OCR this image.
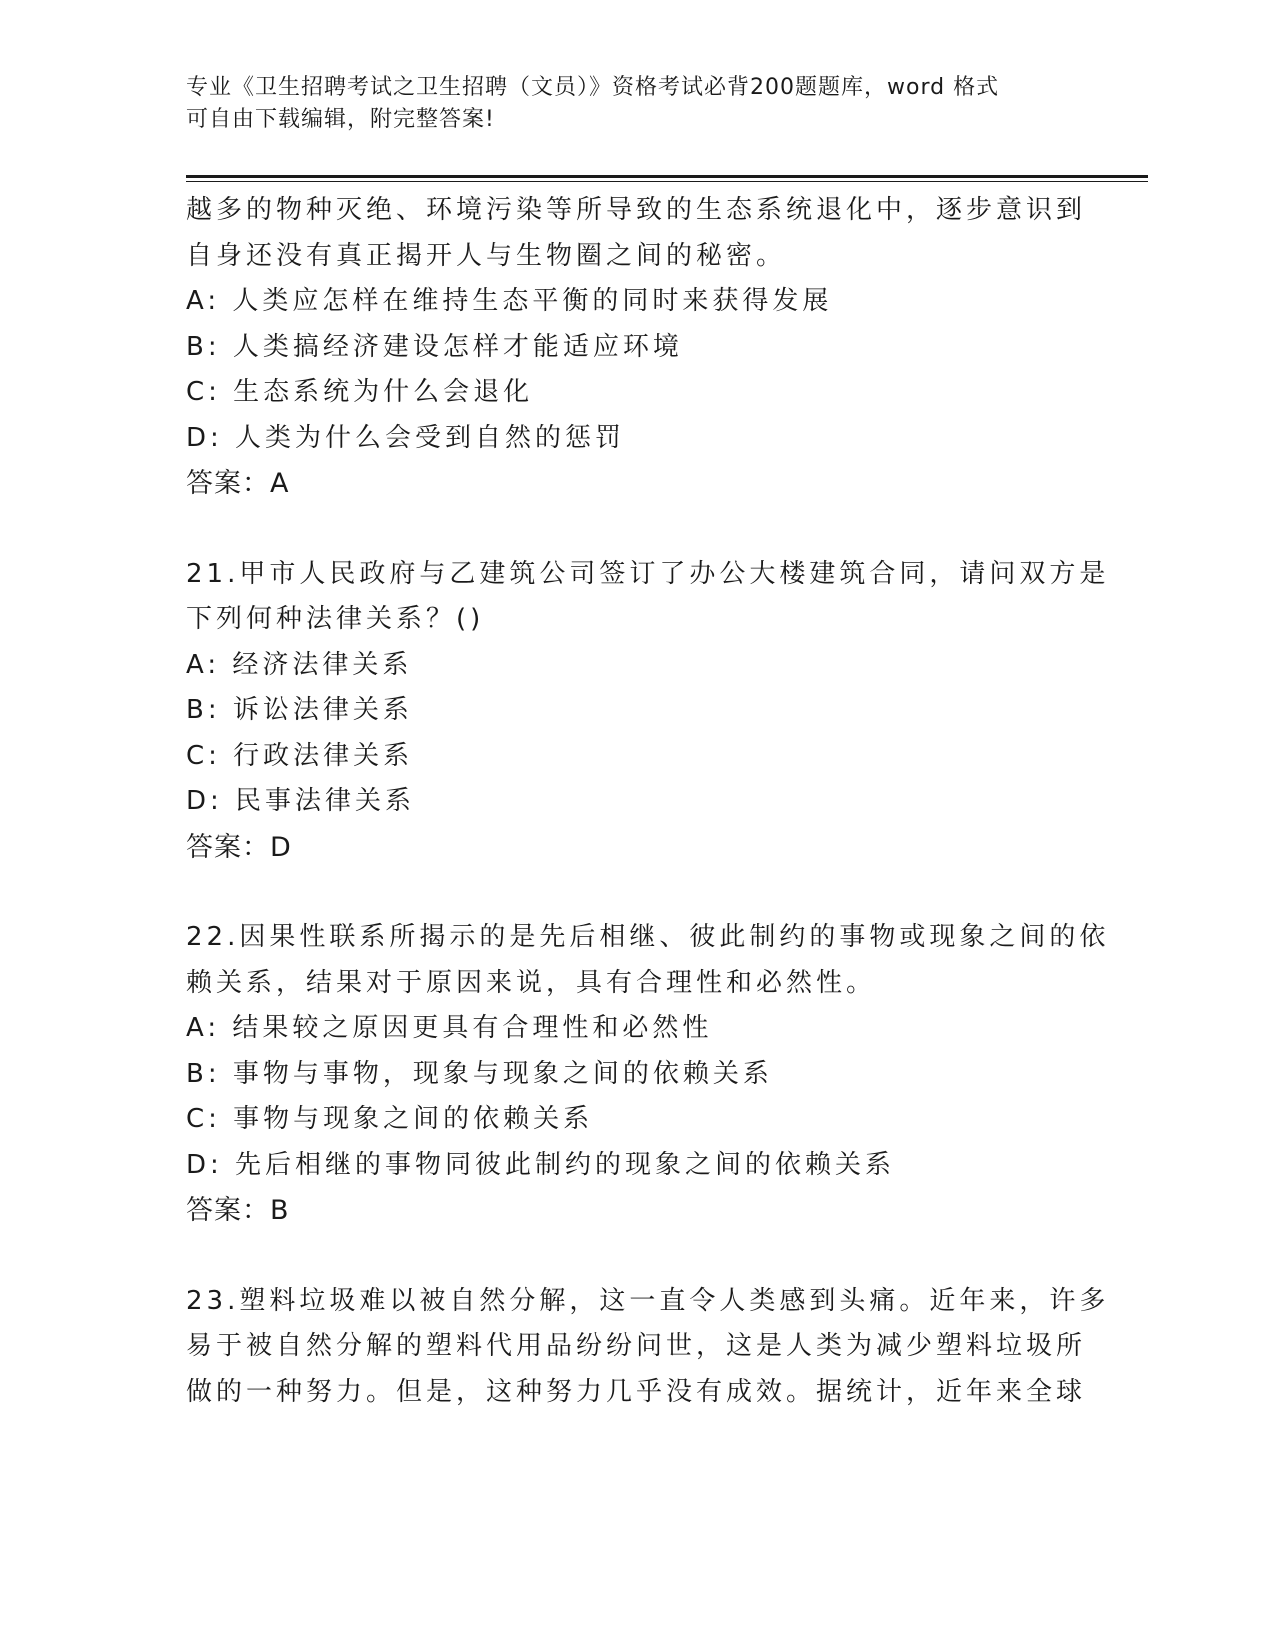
专业《卫生招聘考试之卫生招聘（文员）》资格考试必背200题题库，word 格式
可自由下载编辑，附完整答案!
越多的物种灭绝、环境污染等所导致的生态系统退化中，逐步意识到
自身还没有真正揭开人与生物圈之间的秘密。
A: 人类应怎样在维持生态平衡的同时来获得发展
B: 人类搞经济建设怎样才能适应环境
C: 生态系统为什么会退化
D: 人类为什么会受到自然的惩罚
答案：A
21.甲市人民政府与乙建筑公司签订了办公大楼建筑合同，请问双方是
下列何种法律关系？()
A: 经济法律关系
B: 诉讼法律关系
C: 行政法律关系
D: 民事法律关系
答案：D
22.因果性联系所揭示的是先后相继、彼此制约的事物或现象之间的依
赖关系，结果对于原因来说，具有合理性和必然性。
A: 结果较之原因更具有合理性和必然性
B: 事物与事物，现象与现象之间的依赖关系
C: 事物与现象之间的依赖关系
D: 先后相继的事物同彼此制约的现象之间的依赖关系
答案：B
23.塑料垃圾难以被自然分解，这一直令人类感到头痛。近年来，许多
易于被自然分解的塑料代用品纷纷问世，这是人类为减少塑料垃圾所
做的一种努力。但是，这种努力几乎没有成效。据统计，近年来全球
